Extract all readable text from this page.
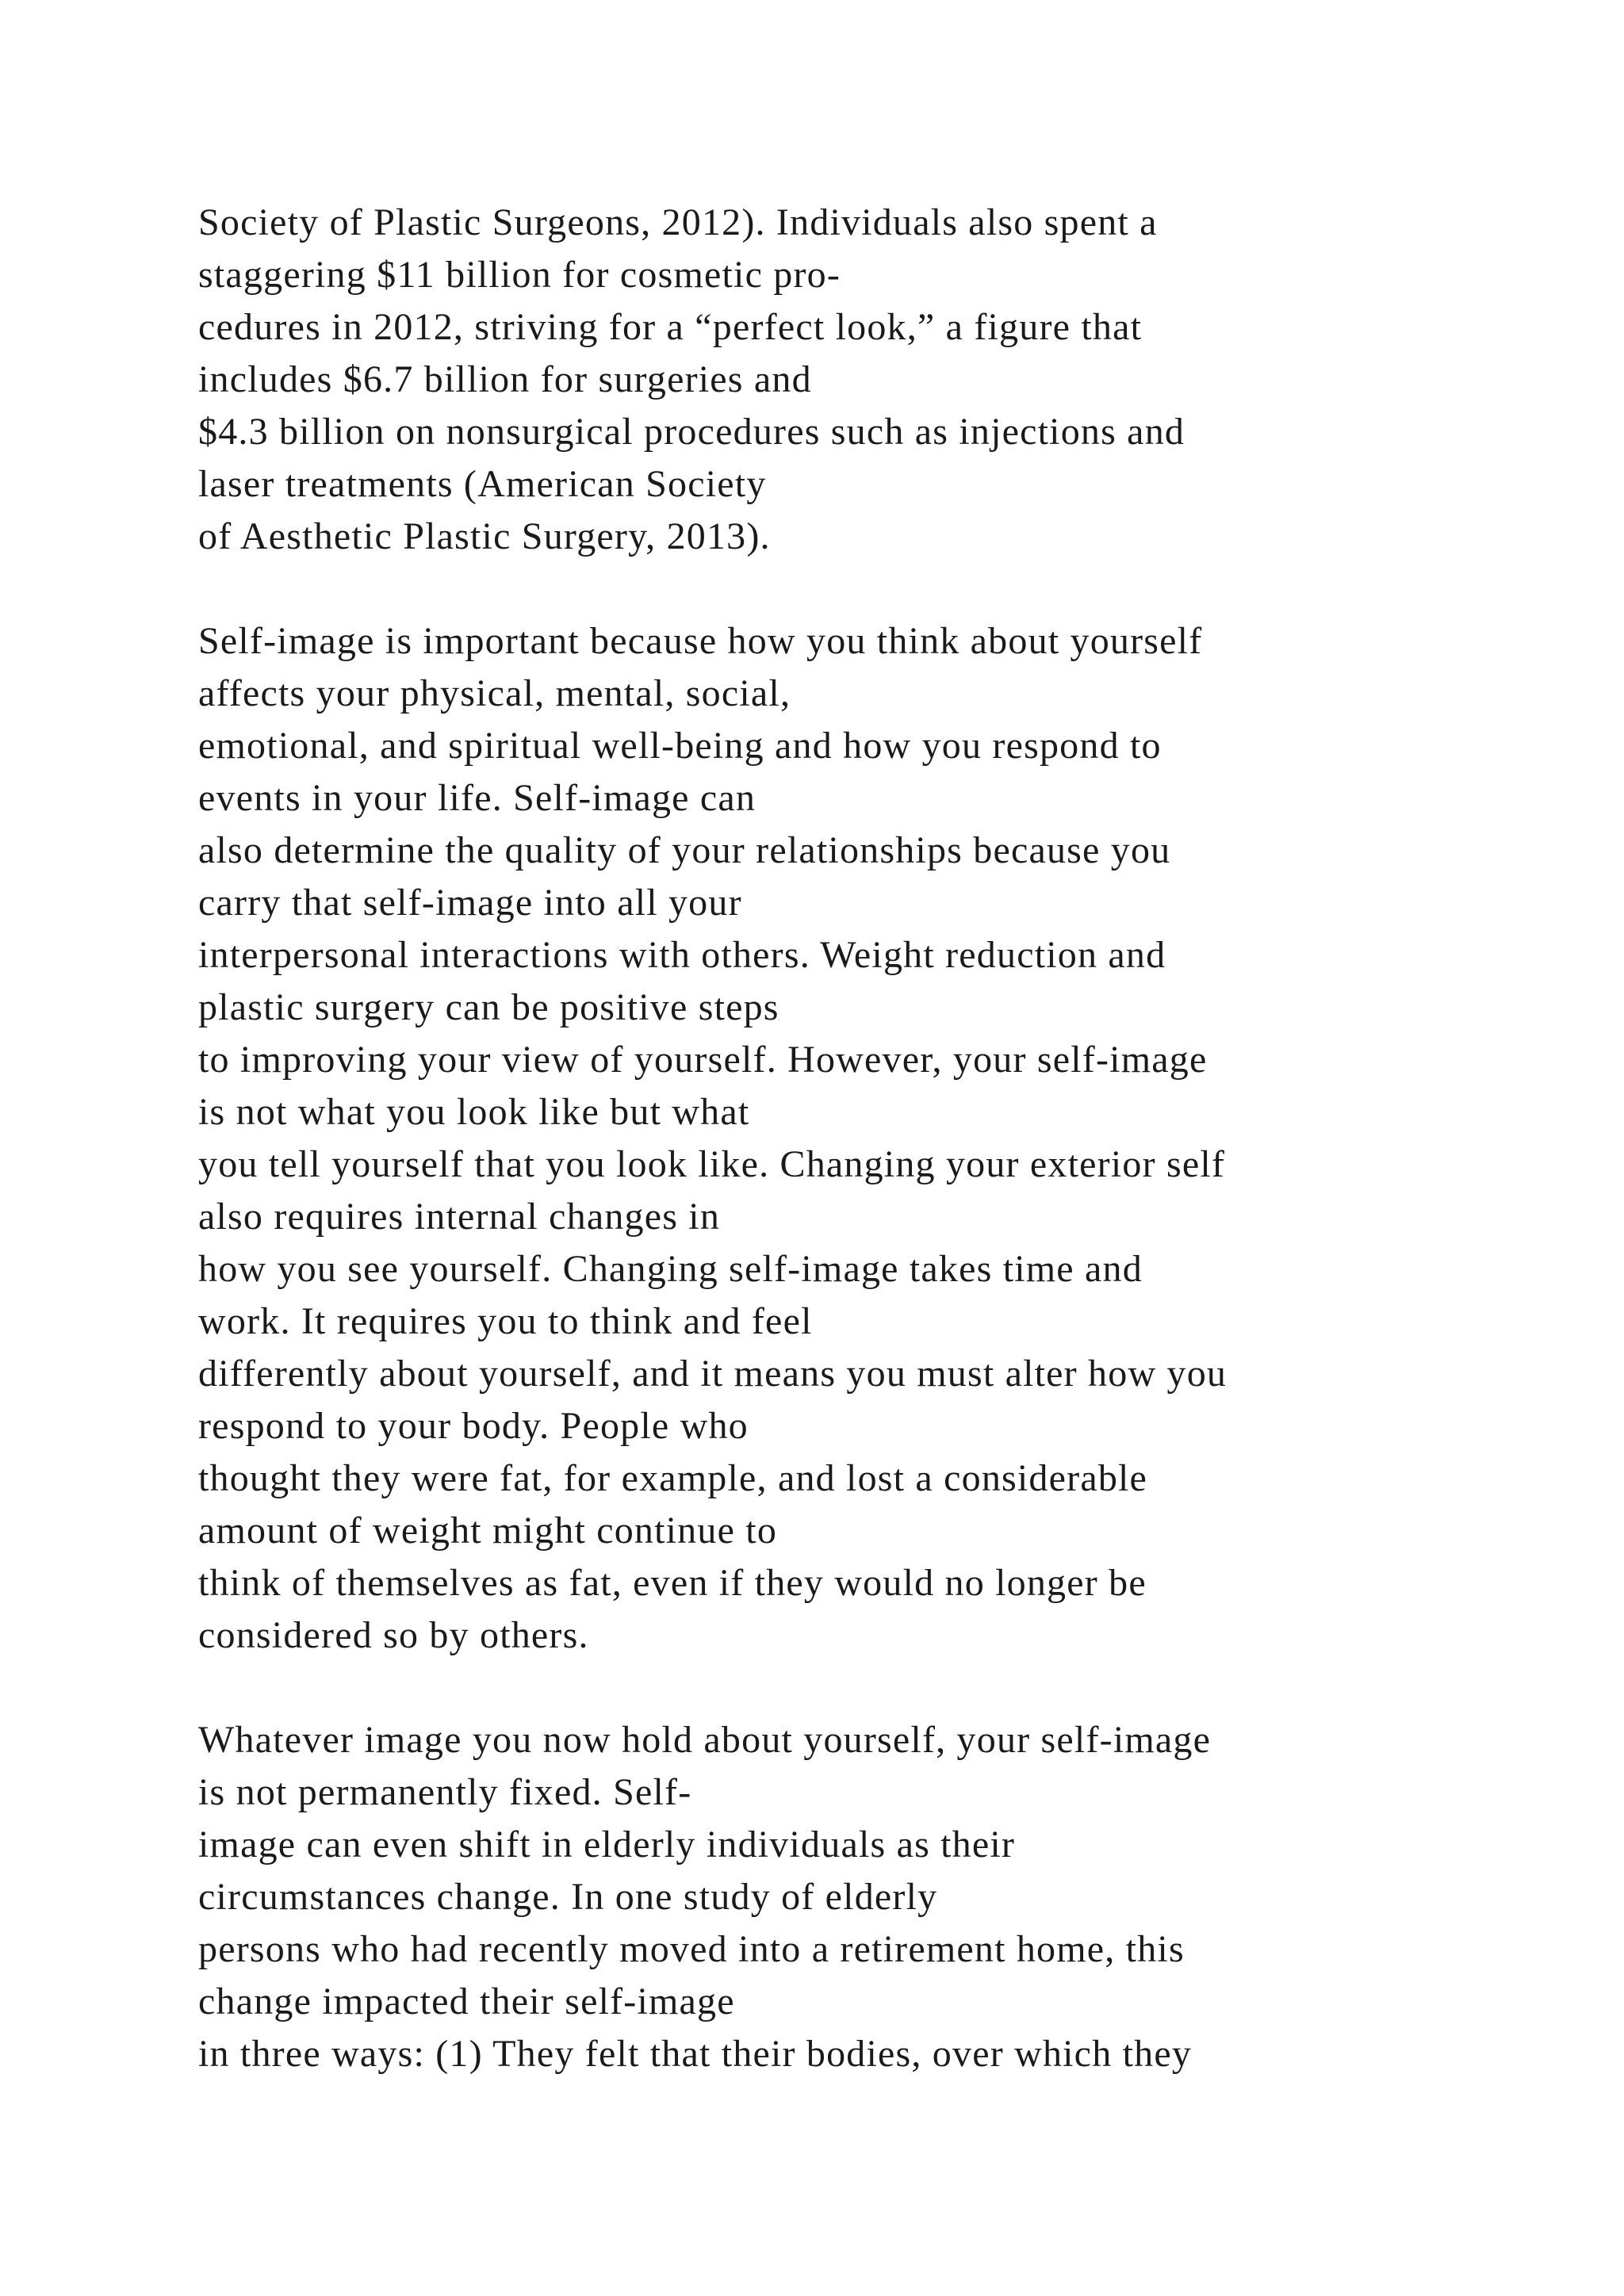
Society of Plastic Surgeons, 2012). Individuals also spent a
staggering $11 billion for cosmetic pro-
cedures in 2012, striving for a “perfect look,” a figure that
includes $6.7 billion for surgeries and
$4.3 billion on nonsurgical procedures such as injections and
laser treatments (American Society
of Aesthetic Plastic Surgery, 2013).
Self-image is important because how you think about yourself
affects your physical, mental, social,
emotional, and spiritual well-being and how you respond to
events in your life. Self-image can
also determine the quality of your relationships because you
carry that self-image into all your
interpersonal interactions with others. Weight reduction and
plastic surgery can be positive steps
to improving your view of yourself. However, your self-image
is not what you look like but what
you tell yourself that you look like. Changing your exterior self
also requires internal changes in
how you see yourself. Changing self-image takes time and
work. It requires you to think and feel
differently about yourself, and it means you must alter how you
respond to your body. People who
thought they were fat, for example, and lost a considerable
amount of weight might continue to
think of themselves as fat, even if they would no longer be
considered so by others.
Whatever image you now hold about yourself, your self-image
is not permanently fixed. Self-
image can even shift in elderly individuals as their
circumstances change. In one study of elderly
persons who had recently moved into a retirement home, this
change impacted their self-image
in three ways: (1) They felt that their bodies, over which they
